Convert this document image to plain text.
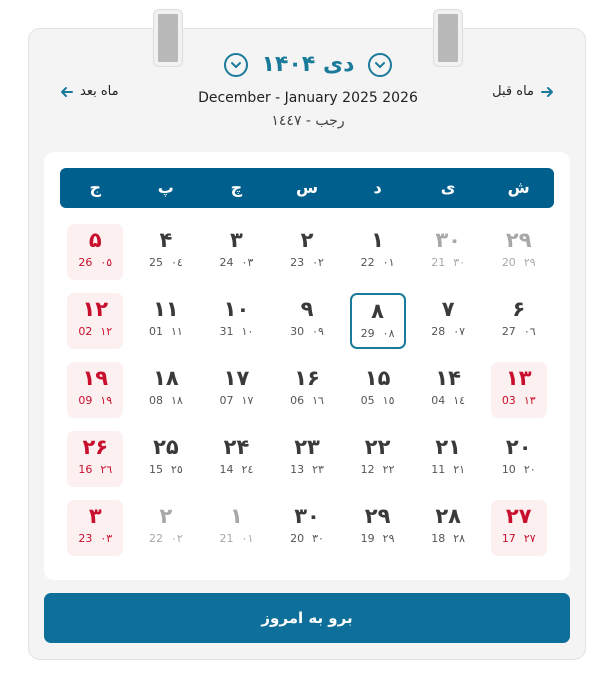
دی ۱۴۰۴
December - January 2025 2026
رجب - ١٤٤٧
ماه بعد	ماه قبل
ش
ی
د
س
چ
پ
ج
۲۹
20 ٢٩
۳۰
21 ٣٠
۱
22 ٠١
۲
23 ٠٢
۳
24 ٠٣
۴
25 ٠٤
۵
26 ٠٥
۶
27 ٠٦
۷
28 ٠٧
۸
29 ٠٨
۹
30 ٠٩
۱۰
31 ١٠
۱۱
01 ١١
۱۲
02 ١٢
۱۳
03 ١٣
۱۴
04 ١٤
۱۵
05 ١٥
۱۶
06 ١٦
۱۷
07 ١٧
۱۸
08 ١٨
۱۹
09 ١٩
۲۰
10 ٢٠
۲۱
11 ٢١
۲۲
12 ٢٢
۲۳
13 ٢٣
۲۴
14 ٢٤
۲۵
15 ٢٥
۲۶
16 ٢٦
۲۷
17 ٢٧
۲۸
18 ٢٨
۲۹
19 ٢٩
۳۰
20 ٣٠
۱
21 ٠١
۲
22 ٠٢
۳
23 ٠٣
برو به امروز
